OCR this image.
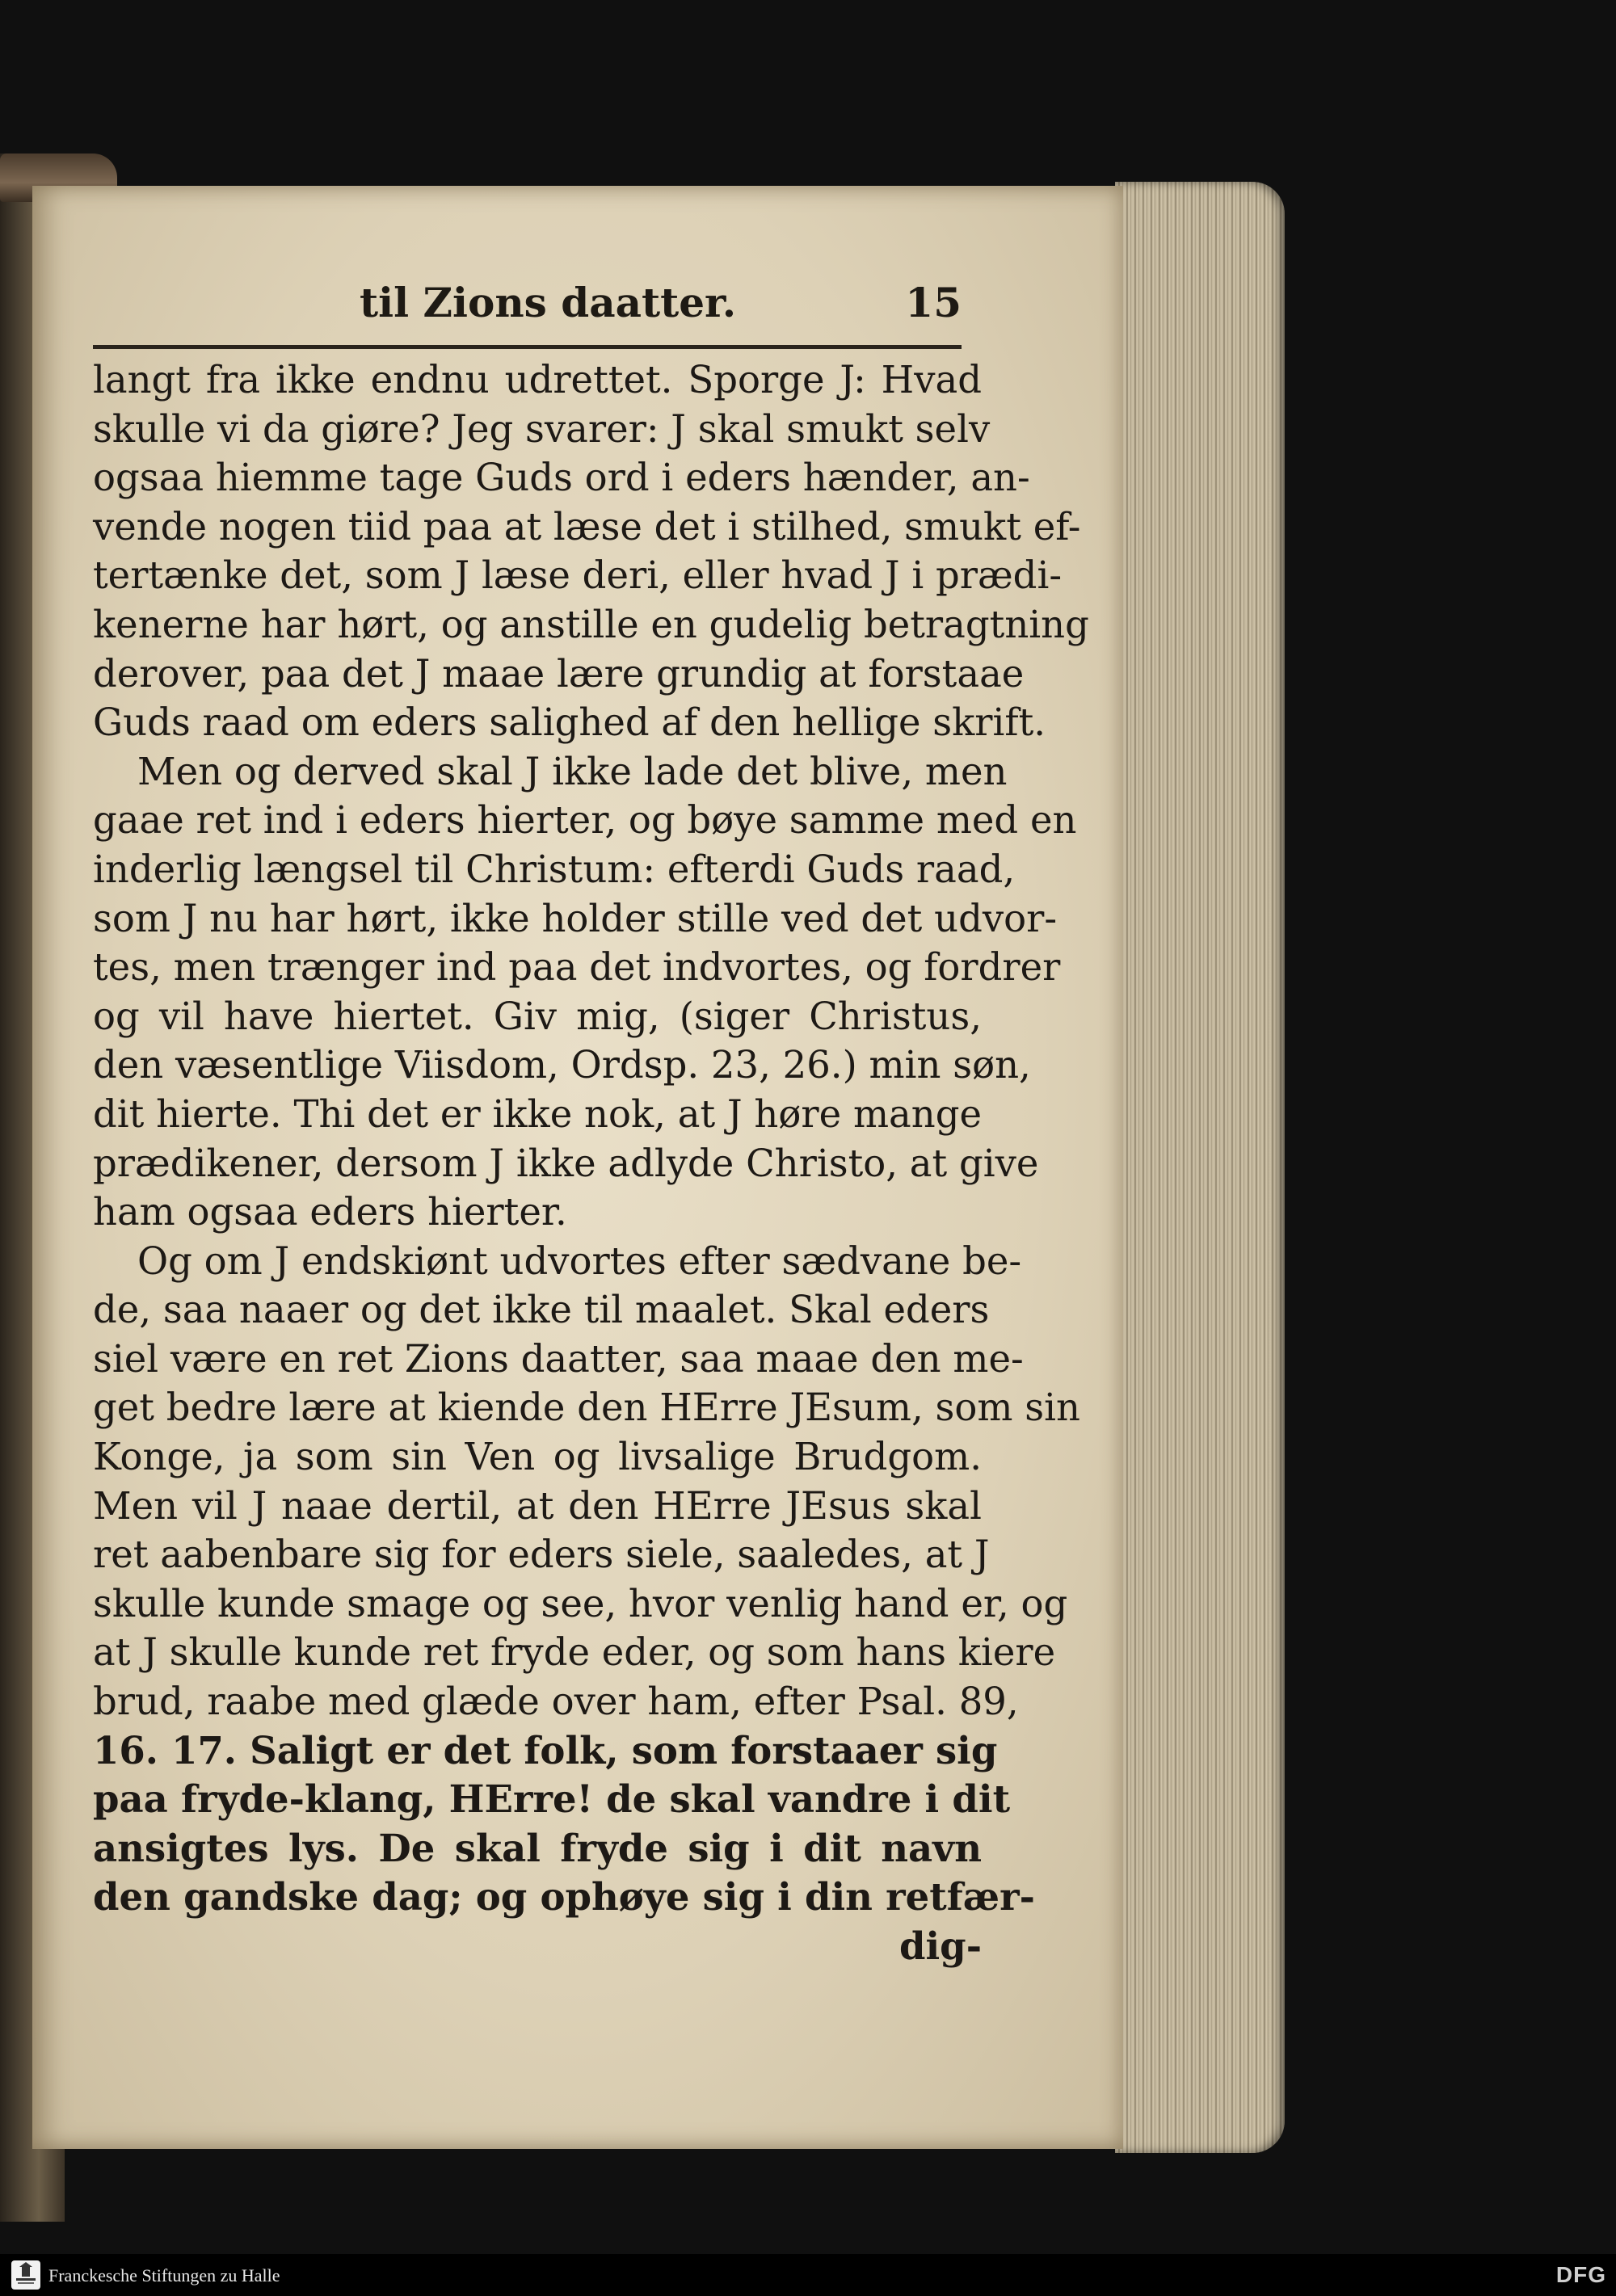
til Zions daatter.	15
langt fra ikke endnu udrettet. Sporge J: Hvad
skulle vi da giøre? Jeg svarer: J skal smukt selv
ogsaa hiemme tage Guds ord i eders hænder, an-
vende nogen tiid paa at læse det i stilhed, smukt ef-
tertænke det, som J læse deri, eller hvad J i prædi-
kenerne har hørt, og anstille en gudelig betragtning
derover, paa det J maae lære grundig at forstaae
Guds raad om eders salighed af den hellige skrift.
Men og derved skal J ikke lade det blive, men
gaae ret ind i eders hierter, og bøye samme med en
inderlig længsel til Christum: efterdi Guds raad,
som J nu har hørt, ikke holder stille ved det udvor-
tes, men trænger ind paa det indvortes, og fordrer
og vil have hiertet. Giv mig, (siger Christus,
den væsentlige Viisdom, Ordsp. 23, 26.) min søn,
dit hierte. Thi det er ikke nok, at J høre mange
prædikener, dersom J ikke adlyde Christo, at give
ham ogsaa eders hierter.
Og om J endskiønt udvortes efter sædvane be-
de, saa naaer og det ikke til maalet. Skal eders
siel være en ret Zions daatter, saa maae den me-
get bedre lære at kiende den HErre JEsum, som sin
Konge, ja som sin Ven og livsalige Brudgom.
Men vil J naae dertil, at den HErre JEsus skal
ret aabenbare sig for eders siele, saaledes, at J
skulle kunde smage og see, hvor venlig hand er, og
at J skulle kunde ret fryde eder, og som hans kiere
brud, raabe med glæde over ham, efter Psal. 89,
16. 17. Saligt er det folk, som forstaaer sig
paa fryde-klang, HErre! de skal vandre i dit
ansigtes lys. De skal fryde sig i dit navn
den gandske dag; og ophøye sig i din retfær-
dig-
Franckesche Stiftungen zu Halle	DFG
